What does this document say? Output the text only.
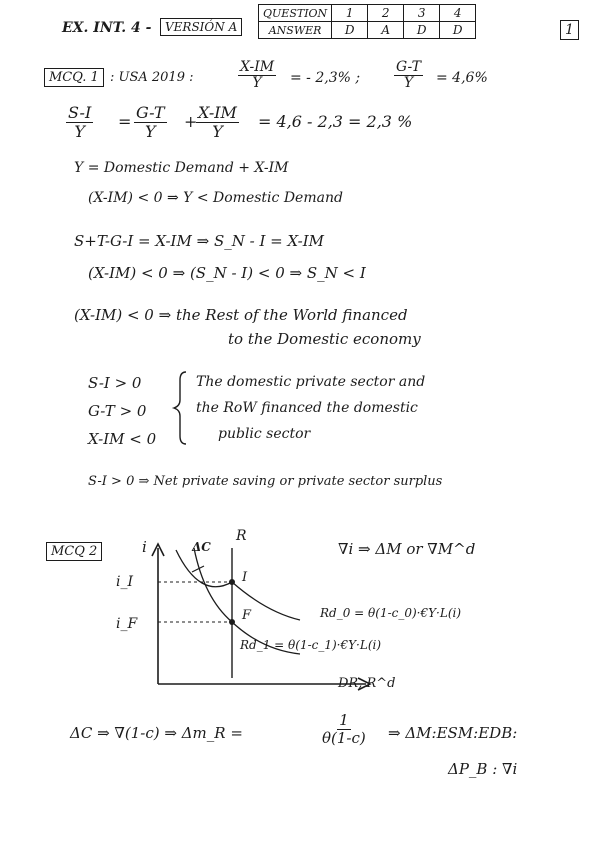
EX. INT. 4 -	VERSIÓN A
QUESTION	1	2	3	4
ANSWER	D	A	D	D	1
MCQ. 1 : USA 2019 :	$\frac{X-IM}{Y}$ = - 2,3% ; $\frac{G-T}{Y} = 4,6\%$
$\frac{S-I}{Y} = \frac{G-T}{Y}$ +
$\frac{X-IM}{Y} = 4,6 - 2,3 = 2,3$ %
Y = Domestic Demand + X-IM
(X-IM) < 0 ⇒ Y < Domestic Demand
S+T-G-I = X-IM ⇒ S_N - I = X-IM
(X-IM) < 0 ⇒ (S_N - I) < 0 ⇒ S_N < I
(X-IM) < 0 ⇒ the Rest of the World financed
to the Domestic economy
S-I > 0
G-T > 0
X-IM < 0
The domestic private sector and
the RoW financed the domestic
public sector
S-I > 0 ⇒ Net private saving or private sector surplus
MCQ 2	i
R
ΔC
i_I
i_F
I
F	Rd_0 = θ(1-c_0)·€Y·L(i)
Rd_1 = θ(1-c_1)·€Y·L(i)
DR, R^d
∇i ⇒ ΔM or ∇M^d
ΔC ⇒ ∇(1-c) ⇒ Δm_R =	$\frac{1}{\theta(1-c)}$ ⇒ ΔM:ESM:EDB:
ΔP_B : ∇i
